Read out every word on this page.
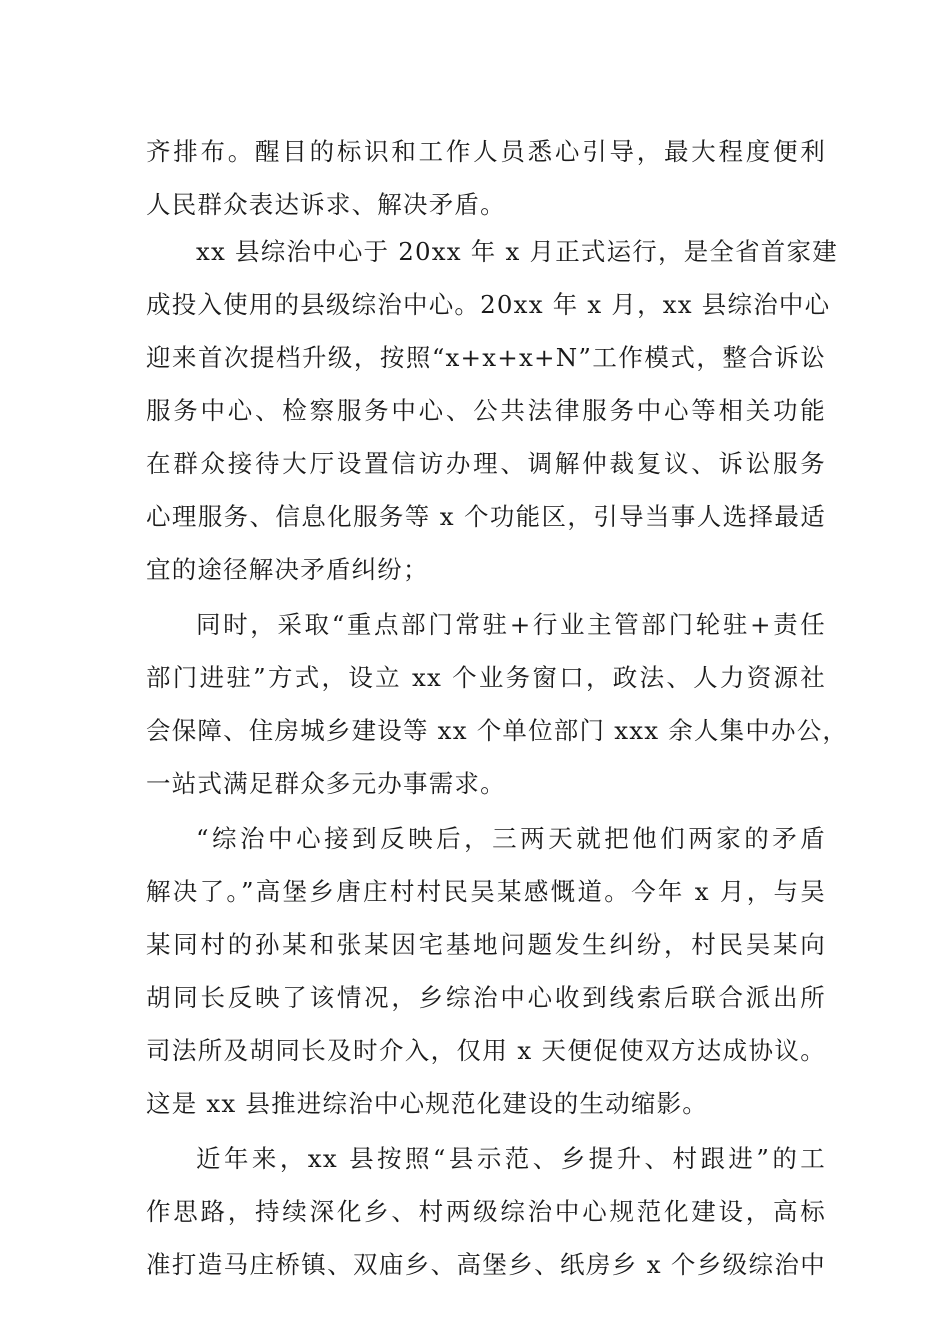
齐排布。醒目的标识和工作人员悉心引导，最大程度便利
人民群众表达诉求、解决矛盾。
xx 县综治中心于 20xx 年 x 月正式运行，是全省首家建
成投入使用的县级综治中心。20xx 年 x 月，xx 县综治中心
迎来首次提档升级，按照“x+x+x+N”工作模式，整合诉讼
服务中心、检察服务中心、公共法律服务中心等相关功能
在群众接待大厅设置信访办理、调解仲裁复议、诉讼服务
心理服务、信息化服务等 x 个功能区，引导当事人选择最适
宜的途径解决矛盾纠纷；
同时，采取“重点部门常驻+行业主管部门轮驻+责任
部门进驻”方式，设立 xx 个业务窗口，政法、人力资源社
会保障、住房城乡建设等 xx 个单位部门 xxx 余人集中办公，
一站式满足群众多元办事需求。
“综治中心接到反映后，三两天就把他们两家的矛盾
解决了。”高堡乡唐庄村村民吴某感慨道。今年 x 月，与吴
某同村的孙某和张某因宅基地问题发生纠纷，村民吴某向
胡同长反映了该情况，乡综治中心收到线索后联合派出所
司法所及胡同长及时介入，仅用 x 天便促使双方达成协议。
这是 xx 县推进综治中心规范化建设的生动缩影。
近年来，xx 县按照“县示范、乡提升、村跟进”的工
作思路，持续深化乡、村两级综治中心规范化建设，高标
准打造马庄桥镇、双庙乡、高堡乡、纸房乡 x 个乡级综治中
